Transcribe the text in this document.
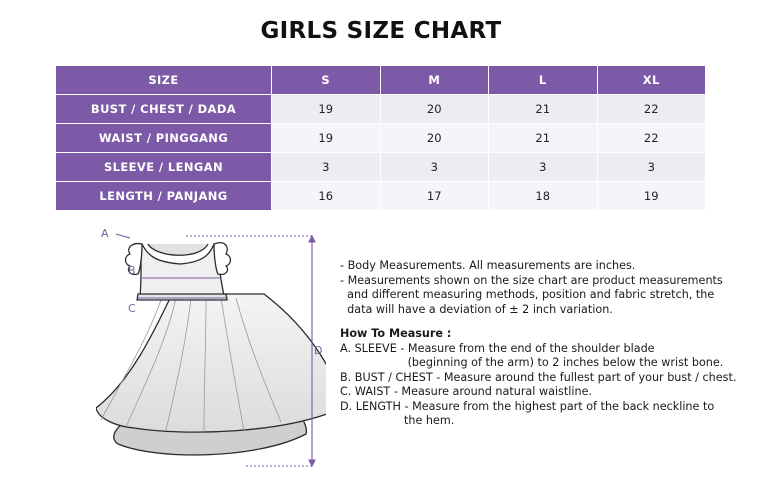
GIRLS SIZE CHART
SIZE	S	M	L	XL
BUST / CHEST / DADA	19	20	21	22
WAIST / PINGGANG	19	20	21	22
SLEEVE / LENGAN	3	3	3	3
LENGTH / PANJANG	16	17	18	19
A
B
C
D
- Body Measurements. All measurements are inches.
- Measurements shown on the size chart are product measurements
and different measuring methods, position and fabric stretch, the
data will have a deviation of ± 2 inch variation.
How To Measure :
A. SLEEVE - Measure from the end of the shoulder blade
(beginning of the arm) to 2 inches below the wrist bone.
B. BUST / CHEST - Measure around the fullest part of your bust / chest.
C. WAIST - Measure around natural waistline.
D. LENGTH - Measure from the highest part of the back neckline to
the hem.
